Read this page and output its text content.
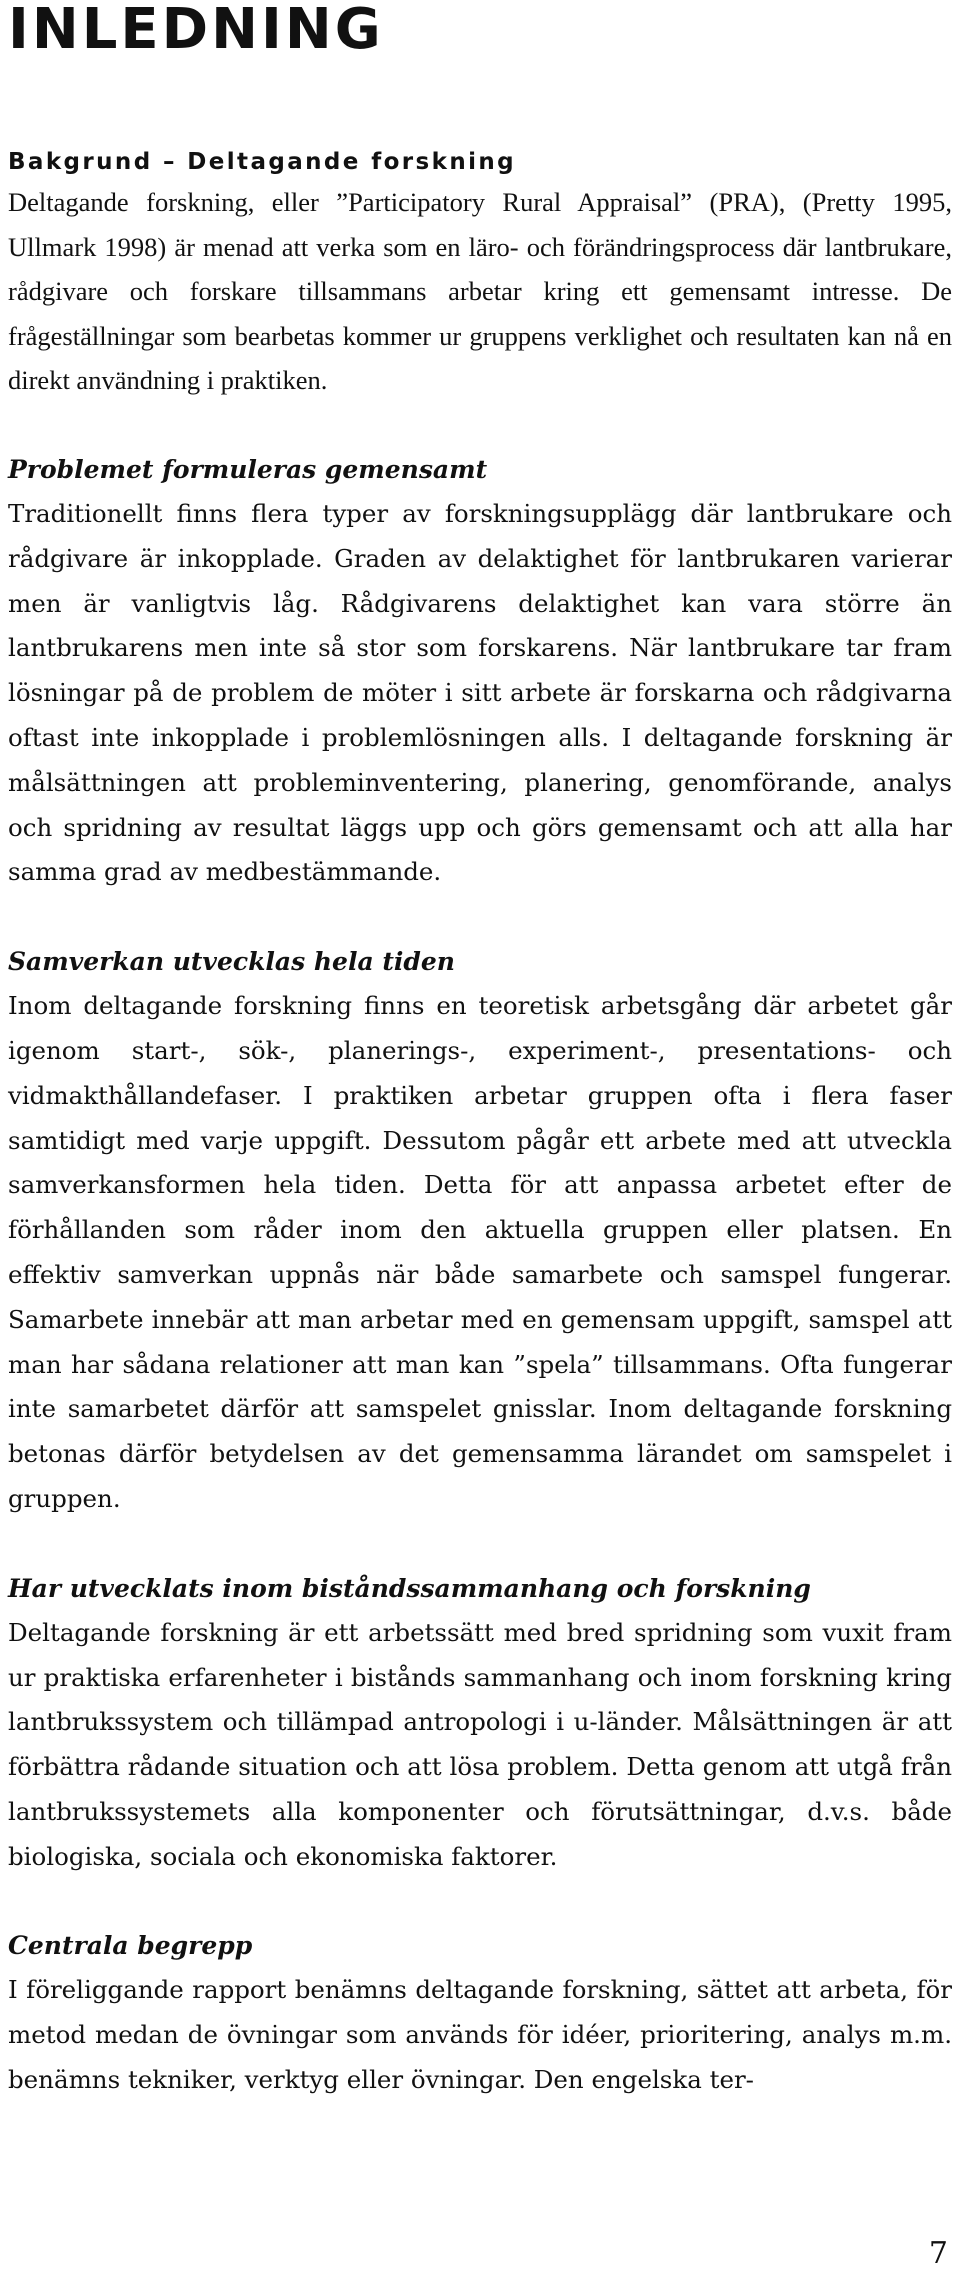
INLEDNING
Bakgrund – Deltagande forskning

Deltagande forskning, eller ”Participatory Rural Appraisal” (PRA), (Pretty 1995, Ullmark 1998) är menad att verka som en läro- och förändringsprocess där lantbrukare, rådgivare och forskare tillsammans arbetar kring ett gemensamt intresse. De frågeställningar som bearbetas kommer ur gruppens verklighet och resultaten kan nå en direkt användning i praktiken.

Problemet formuleras gemensamt

Traditionellt finns flera typer av forskningsupplägg där lantbrukare och rådgivare är inkopplade. Graden av delaktighet för lantbrukaren varierar men är vanligtvis låg. Rådgivarens delaktighet kan vara större än lantbrukarens men inte så stor som forskarens. När lantbrukare tar fram lösningar på de problem de möter i sitt arbete är forskarna och rådgivarna oftast inte inkopplade i problemlösningen alls. I deltagande forskning är målsättningen att probleminventering, planering, genomförande, analys och spridning av resultat läggs upp och görs gemensamt och att alla har samma grad av medbestämmande.

Samverkan utvecklas hela tiden

Inom deltagande forskning finns en teoretisk arbetsgång där arbetet går igenom start-, sök-, planerings-, experiment-, presentations- och vidmakthållandefaser. I praktiken arbetar gruppen ofta i flera faser samtidigt med varje uppgift. Dessutom pågår ett arbete med att utveckla samverkansformen hela tiden. Detta för att anpassa arbetet efter de förhållanden som råder inom den aktuella gruppen eller platsen. En effektiv samverkan uppnås när både samarbete och samspel fungerar. Samarbete innebär att man arbetar med en gemensam uppgift, samspel att man har sådana relationer att man kan ”spela” tillsammans. Ofta fungerar inte samarbetet därför att samspelet gnisslar. Inom deltagande forskning betonas därför betydelsen av det gemensamma lärandet om samspelet i gruppen.

Har utvecklats inom biståndssammanhang och forskning

Deltagande forskning är ett arbetssätt med bred spridning som vuxit fram ur praktiska erfarenheter i bistånds sammanhang och inom forskning kring lantbrukssystem och tillämpad antropologi i u-länder. Målsättningen är att förbättra rådande situation och att lösa problem. Detta genom att utgå från lantbrukssystemets alla komponenter och förutsättningar, d.v.s. både biologiska, sociala och ekonomiska faktorer.

Centrala begrepp

I föreliggande rapport benämns deltagande forskning, sättet att arbeta, för metod medan de övningar som används för idéer, prioritering, analys m.m. benämns tekniker, verktyg eller övningar. Den engelska ter-

7
